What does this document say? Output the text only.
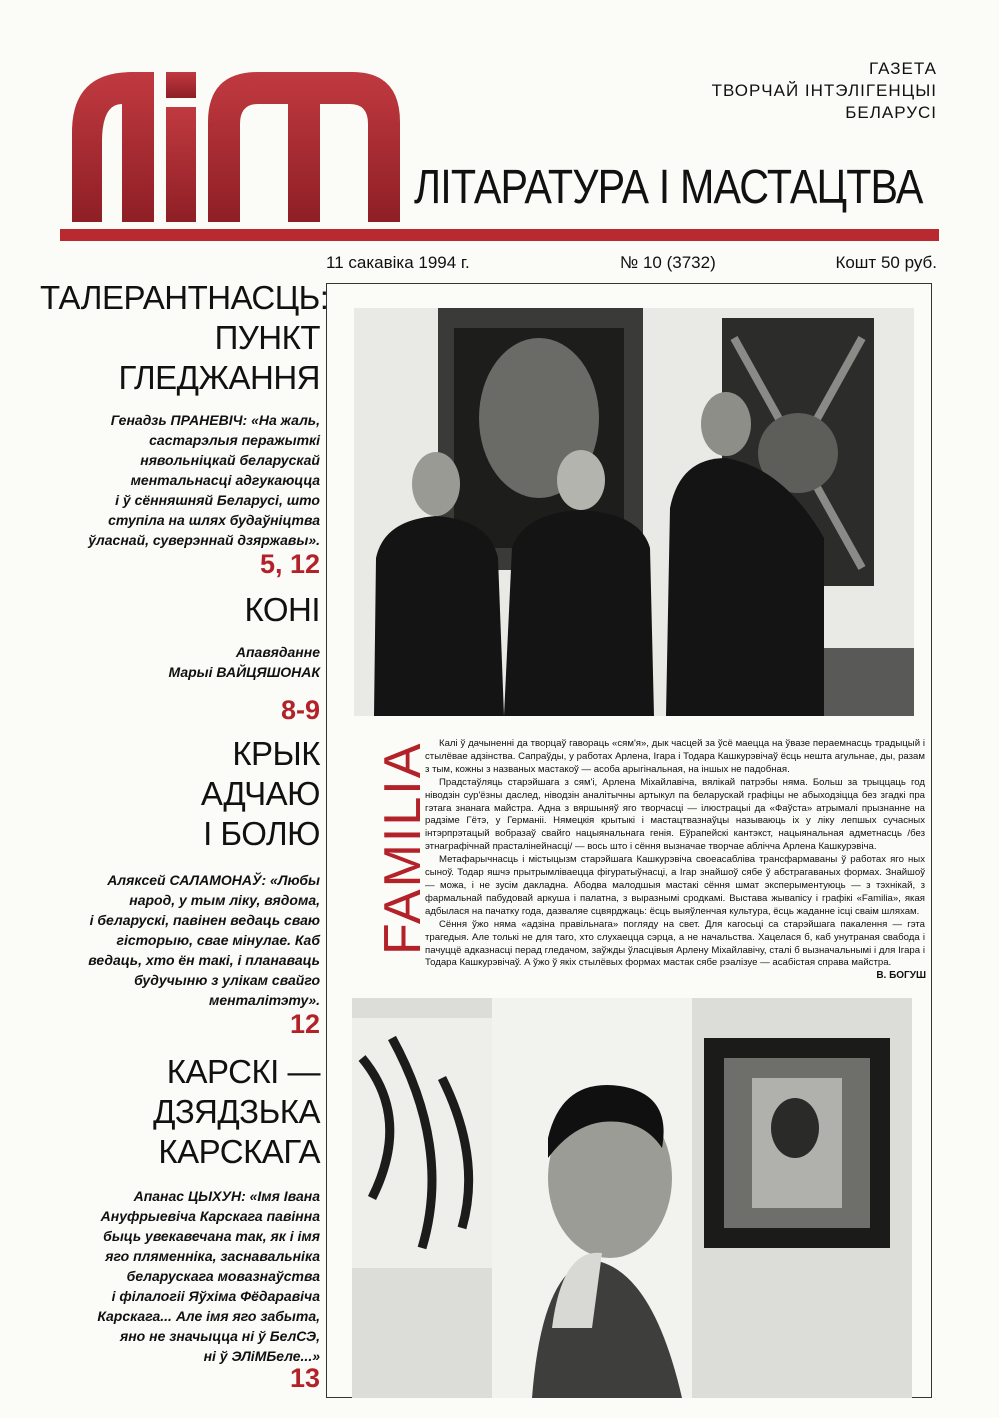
ГАЗЕТА
ТВОРЧАЙ ІНТЭЛІГЕНЦЫІ
БЕЛАРУСІ
ЛІТАРАТУРА І МАСТАЦТВА
11 сакавіка 1994 г.	№ 10 (3732)	Кошт 50 руб.
ТАЛЕРАНТНАСЦЬ:
ПУНКТ
ГЛЕДЖАННЯ
Генадзь ПРАНЕВІЧ: «На жаль,
састарэлыя перажыткі
нявольніцкай беларускай
ментальнасці адгукаюцца
і ў сённяшняй Беларусі, што
ступіла на шлях будаўніцтва
ўласнай, суверэннай дзяржавы».
5, 12
КОНІ
Апавяданне
Марыі ВАЙЦЯШОНАК
8-9
КРЫК
АДЧАЮ
І БОЛЮ
Аляксей САЛАМОНАЎ: «Любы
народ, у тым ліку, вядома,
і беларускі, павінен ведаць сваю
гісторыю, свае мінулае. Каб
ведаць, хто ён такі, і планаваць
будучыню з улікам свайго
менталітэту».
12
КАРСКІ —
ДЗЯДЗЬКА
КАРСКАГА
Апанас ЦЫХУН: «Імя Івана
Ануфрыевіча Карскага павінна
быць увекавечана так, як і імя
яго пляменніка, заснавальніка
беларускага мовазнаўства
і філалогіі Яўхіма Фёдаравіча
Карскага... Але імя яго забыта,
яно не значыцца ні ў БелСЭ,
ні ў ЭЛіМБеле...»
13
FAMILIA Калі ў дачыненні да творцаў гавораць «сям'я», дык часцей за ўсё маецца на ўвазе пераемнасць традыцый і стылёвае адзінства. Сапраўды, у работах Арлена, Ігара і Тодара Кашкурэвічаў ёсць нешта агульнае, ды, разам з тым, кожны з названых мастакоў — асоба арыгінальная, на іншых не падобная.

Прадстаўляць старэйшага з сям'і, Арлена Міхайлавіча, вялікай патрэбы няма. Больш за трыццаць год ніводзін сур'ёзны даслед, ніводзін аналітычны артыкул па беларускай графіцы не абыходзіцца без згадкі пра гэтага знанага майстра. Адна з вяршыняў яго творчасці — ілюстрацыі да «Фаўста» атрымалі прызнанне на радзіме Гётэ, у Германіі. Нямецкія крытыкі і мастацтвазнаўцы называюць іх у ліку лепшых сучасных інтэрпрэтацый вобразаў свайго нацыянальнага генія. Еўрапейскі кантэкст, нацыянальная адметнасць /без этнаграфічнай прасталінейнасці/ — вось што і сёння вызначае творчае аблічча Арлена Кашкурэвіча.

Метафарычнасць і містыцызм старэйшага Кашкурэвіча своеасабліва трансфармаваны ў работах яго ных сыноў. Тодар яшчэ прытрымліваецца фігуратыўнасці, а Ігар знайшоў сябе ў абстрагаваных формах. Знайшоў — можа, і не зусім дакладна. Абодва малодшыя мастакі сёння шмат эксперыментуюць — з тэхнікай, з фармальнай пабудовай аркуша і палатна, з выразнымі сродкамі. Выстава жывапісу і графікі «Familia», якая адбылася на пачатку года, дазваляе сцвярджаць: ёсць выяўленчая культура, ёсць жаданне ісці сваім шляхам.

Сёння ўжо няма «адзіна правільнага» погляду на свет. Для кагосьці са старэйшага пакалення — гэта трагедыя. Але толькі не для таго, хто слухаецца сэрца, а не начальства. Хацелася б, каб унутраная свабода і пачуццё адказнасці перад гледачом, заўжды ўласцівыя Арлену Міхайлавічу, сталі б вызначальнымі і для Ігара і Тодара Кашкурэвічаў. А ўжо ў якіх стылёвых формах мастак сябе рэалізуе — асабістая справа майстра.

В. БОГУШ
